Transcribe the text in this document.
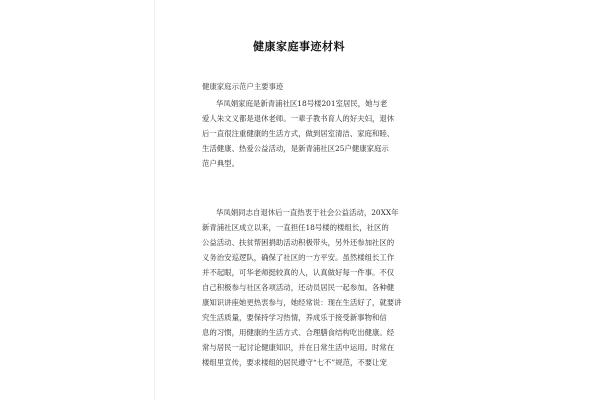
健康家庭事迹材料
健康家庭示范户主要事迹
华凤娟家庭是新青浦社区18号楼201室居民，她与老
爱人朱文义都是退休老师。一辈子教书育人的好夫妇，退休
后一直很注重健康的生活方式，做到居室清洁、家庭和睦、
生活健康、热爱公益活动，是新青浦社区25户健康家庭示
范户典型。
华凤娟同志自退休后一直热衷于社会公益活动，20XX年
新青浦社区成立以来，一直担任18号楼的楼组长，社区的
公益活动、扶贫帮困捐助活动积极带头，另外还参加社区的
义务治安巡逻队，确保了社区的一方平安。虽然楼组长工作
并不起眼，可华老师挺较真的人，认真做好每一件事。不仅
自己积极参与社区各项活动，还动员居民一起参加。各种健
康知识讲座她更热衷参与，她经常说：现在生活好了，就要讲
究生活质量，要保持学习热情，养成乐于接受新事物和信
息的习惯，用健康的生活方式、合理膳食结构吃出健康。经
常与居民一起讨论健康知识，并在日常生活中运用。时常在
楼组里宣传，要求楼组的居民遵守“七不”规范，不要让宠
